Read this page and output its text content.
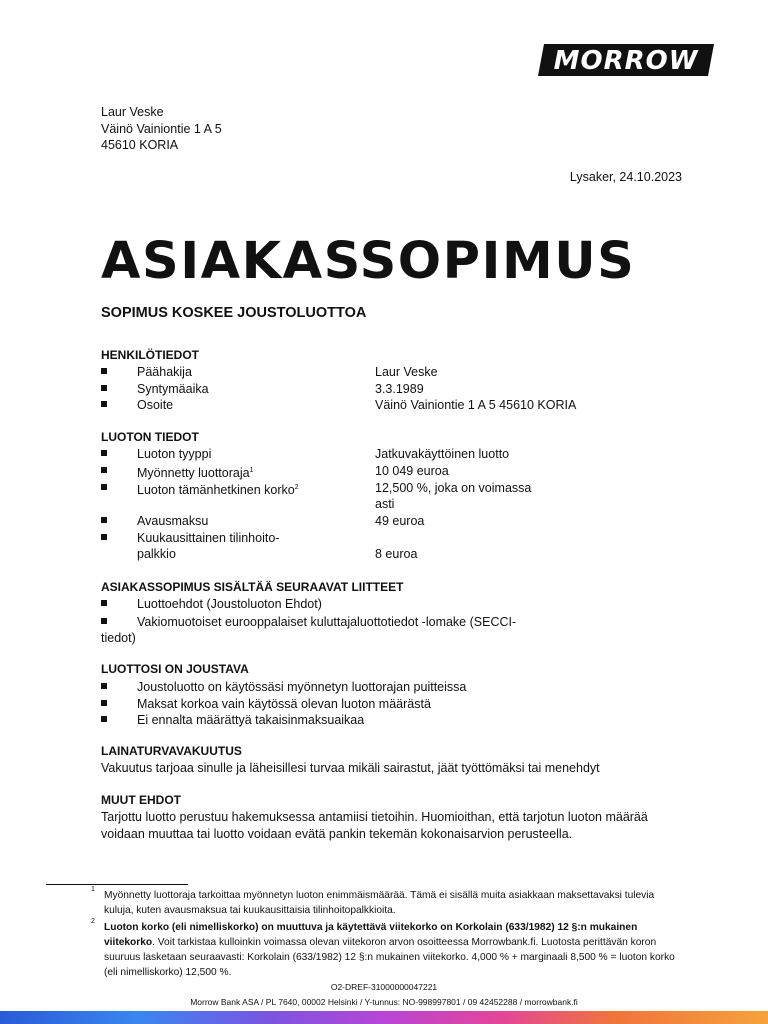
MORROW
Laur Veske
Väinö Vainiontie 1 A 5
45610 KORIA
Lysaker, 24.10.2023
ASIAKASSOPIMUS
SOPIMUS KOSKEE JOUSTOLUOTTOA
HENKILÖTIEDOT
Päähakija	Laur Veske
Syntymäaika	3.3.1989
Osoite	Väinö Vainiontie 1 A 5 45610 KORIA
LUOTON TIEDOT
Luoton tyyppi	Jatkuvakäyttöinen luotto
Myönnetty luottoraja$^1$	10 049 euroa
Luoton tämänhetkinen korko$^2$	12,500 %, joka on voimassa
asti
Avausmaksu	49 euroa
Kuukausittainen tilinhoito-
palkkio	8 euroa
ASIAKASSOPIMUS SISÄLTÄÄ SEURAAVAT LIITTEET
Luottoehdot (Joustoluoton Ehdot)
Vakiomuotoiset eurooppalaiset kuluttajaluottotiedot -lomake (SECCI-
tiedot)
LUOTTOSI ON JOUSTAVA
Joustoluotto on käytössäsi myönnetyn luottorajan puitteissa
Maksat korkoa vain käytössä olevan luoton määrästä
Ei ennalta määrättyä takaisinmaksuaikaa
LAINATURVAVAKUUTUS
Vakuutus tarjoaa sinulle ja läheisillesi turvaa mikäli sairastut, jäät työttömäksi tai menehdyt
MUUT EHDOT
Tarjottu luotto perustuu hakemuksessa antamiisi tietoihin. Huomioithan, että tarjotun luoton määrää voidaan muuttaa tai luotto voidaan evätä pankin tekemän kokonaisarvion perusteella.
1
Myönnetty luottoraja tarkoittaa myönnetyn luoton enimmäismäärää. Tämä ei sisällä muita asiakkaan maksettavaksi tulevia kuluja, kuten avausmaksua tai kuukausittaisia tilinhoitopalkkioita.
2
Luoton korko (eli nimelliskorko) on muuttuva ja käytettävä viitekorko on Korkolain (633/1982) 12 §:n mukainen viitekorko. Voit tarkistaa kulloinkin voimassa olevan viitekoron arvon osoitteessa Morrowbank.fi. Luotosta perittävän koron suuruus lasketaan seuraavasti: Korkolain (633/1982) 12 §:n mukainen viitekorko. 4,000 % + marginaali 8,500 % = luoton korko (eli nimelliskorko) 12,500 %.
O2-DREF-31000000047221
Morrow Bank ASA / PL 7640, 00002 Helsinki / Y-tunnus: NO-998997801 / 09 42452288 / morrowbank.fi
